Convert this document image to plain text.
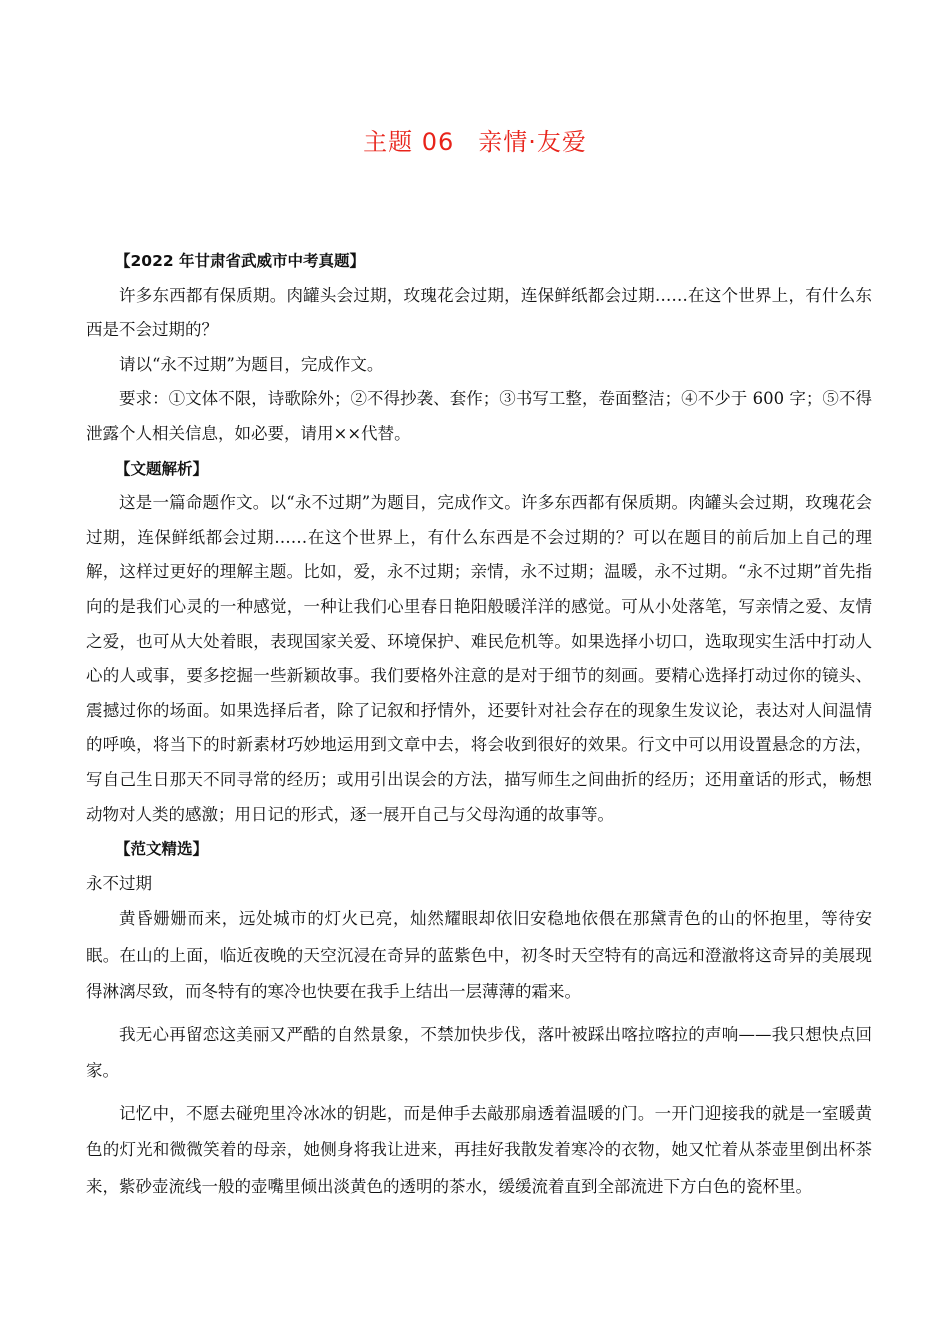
主题 06 亲情·友爱
【2022 年甘肃省武威市中考真题】

许多东西都有保质期。肉罐头会过期，玫瑰花会过期，连保鲜纸都会过期……在这个世界上，有什么东西是不会过期的？

请以“永不过期”为题目，完成作文。

要求：①文体不限，诗歌除外；②不得抄袭、套作；③书写工整，卷面整洁；④不少于 600 字；⑤不得泄露个人相关信息，如必要，请用××代替。

【文题解析】

这是一篇命题作文。以“永不过期”为题目，完成作文。许多东西都有保质期。肉罐头会过期，玫瑰花会过期，连保鲜纸都会过期……在这个世界上，有什么东西是不会过期的？可以在题目的前后加上自己的理解，这样过更好的理解主题。比如，爱，永不过期；亲情，永不过期；温暖，永不过期。“永不过期”首先指向的是我们心灵的一种感觉，一种让我们心里春日艳阳般暖洋洋的感觉。可从小处落笔，写亲情之爱、友情之爱，也可从大处着眼，表现国家关爱、环境保护、难民危机等。如果选择小切口，选取现实生活中打动人心的人或事，要多挖掘一些新颖故事。我们要格外注意的是对于细节的刻画。要精心选择打动过你的镜头、震撼过你的场面。如果选择后者，除了记叙和抒情外，还要针对社会存在的现象生发议论，表达对人间温情的呼唤，将当下的时新素材巧妙地运用到文章中去，将会收到很好的效果。行文中可以用设置悬念的方法，写自己生日那天不同寻常的经历；或用引出误会的方法，描写师生之间曲折的经历；还用童话的形式，畅想动物对人类的感激；用日记的形式，逐一展开自己与父母沟通的故事等。

【范文精选】

永不过期

黄昏姗姗而来，远处城市的灯火已亮，灿然耀眼却依旧安稳地依偎在那黛青色的山的怀抱里，等待安眠。在山的上面，临近夜晚的天空沉浸在奇异的蓝紫色中，初冬时天空特有的高远和澄澈将这奇异的美展现得淋漓尽致，而冬特有的寒冷也快要在我手上结出一层薄薄的霜来。

我无心再留恋这美丽又严酷的自然景象，不禁加快步伐，落叶被踩出喀拉喀拉的声响——我只想快点回家。

记忆中，不愿去碰兜里冷冰冰的钥匙，而是伸手去敲那扇透着温暖的门。一开门迎接我的就是一室暖黄色的灯光和微微笑着的母亲，她侧身将我让进来，再挂好我散发着寒冷的衣物，她又忙着从茶壶里倒出杯茶来，紫砂壶流线一般的壶嘴里倾出淡黄色的透明的茶水，缓缓流着直到全部流进下方白色的瓷杯里。
